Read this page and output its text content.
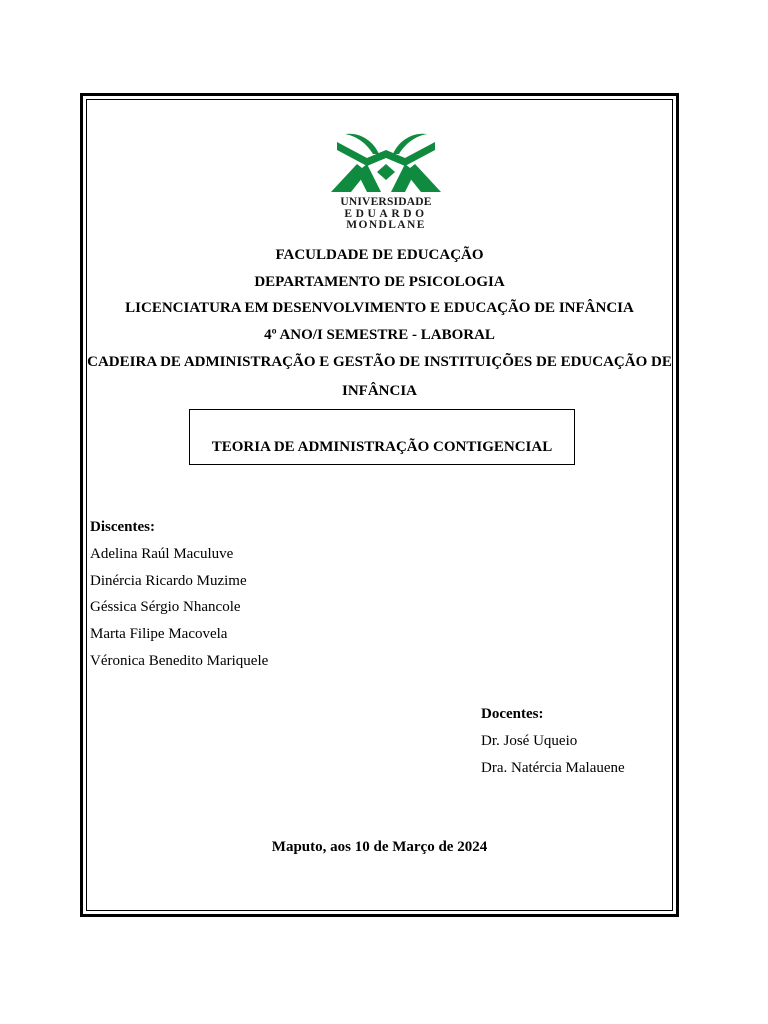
UNIVERSIDADE
EDUARDO
MONDLANE
FACULDADE DE EDUCAÇÃO
DEPARTAMENTO DE PSICOLOGIA
LICENCIATURA EM DESENVOLVIMENTO E EDUCAÇÃO DE INFÂNCIA
4º ANO/I SEMESTRE - LABORAL
CADEIRA DE ADMINISTRAÇÃO E GESTÃO DE INSTITUIÇÕES DE EDUCAÇÃO DE
INFÂNCIA
TEORIA DE ADMINISTRAÇÃO CONTIGENCIAL
Discentes:
Adelina Raúl Maculuve
Dinércia Ricardo Muzime
Géssica Sérgio Nhancole
Marta Filipe Macovela
Véronica Benedito Mariquele
Docentes:
Dr. José Uqueio
Dra. Natércia Malauene
Maputo, aos 10 de Março de 2024
